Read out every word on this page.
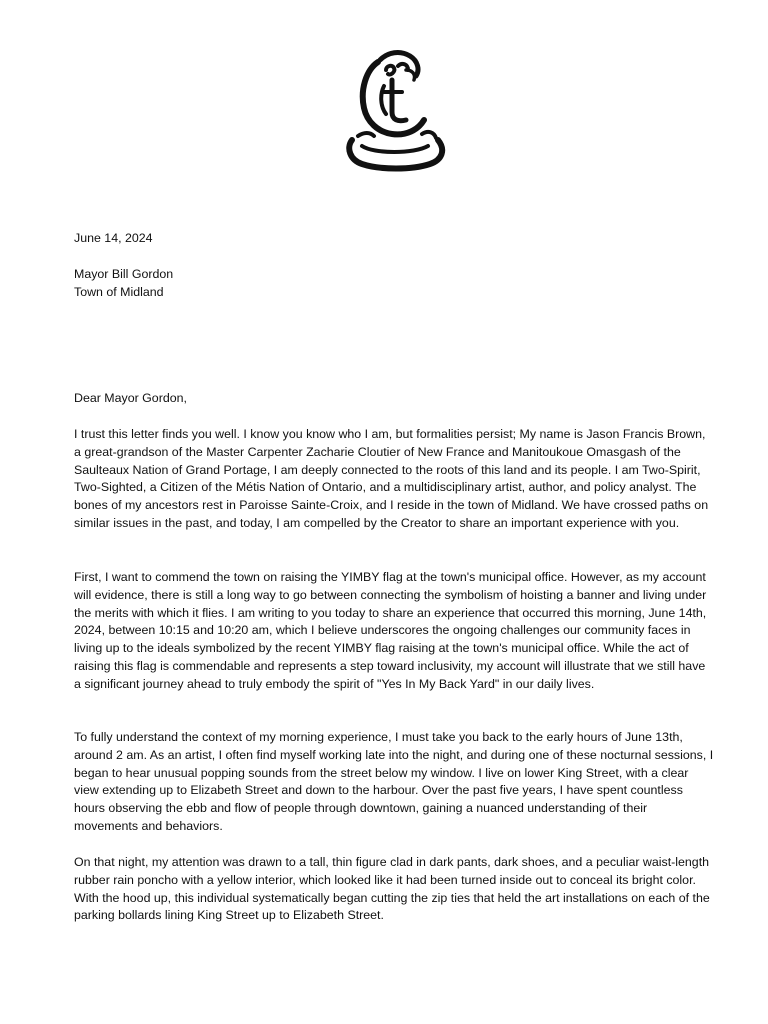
June 14, 2024

Mayor Bill Gordon

Town of Midland

Dear Mayor Gordon,

I trust this letter finds you well. I know you know who I am, but formalities persist; My name is Jason Francis Brown, a great-grandson of the Master Carpenter Zacharie Cloutier of New France and Manitoukoue Omasgash of the Saulteaux Nation of Grand Portage, I am deeply connected to the roots of this land and its people. I am Two-Spirit, Two-Sighted, a Citizen of the Métis Nation of Ontario, and a multidisciplinary artist, author, and policy analyst. The bones of my ancestors rest in Paroisse Sainte-Croix, and I reside in the town of Midland. We have crossed paths on similar issues in the past, and today, I am compelled by the Creator to share an important experience with you.

First, I want to commend the town on raising the YIMBY flag at the town's municipal office. However, as my account will evidence, there is still a long way to go between connecting the symbolism of hoisting a banner and living under the merits with which it flies. I am writing to you today to share an experience that occurred this morning, June 14th, 2024, between 10:15 and 10:20 am, which I believe underscores the ongoing challenges our community faces in living up to the ideals symbolized by the recent YIMBY flag raising at the town's municipal office. While the act of raising this flag is commendable and represents a step toward inclusivity, my account will illustrate that we still have a significant journey ahead to truly embody the spirit of "Yes In My Back Yard" in our daily lives.

To fully understand the context of my morning experience, I must take you back to the early hours of June 13th, around 2 am. As an artist, I often find myself working late into the night, and during one of these nocturnal sessions, I began to hear unusual popping sounds from the street below my window. I live on lower King Street, with a clear view extending up to Elizabeth Street and down to the harbour. Over the past five years, I have spent countless hours observing the ebb and flow of people through downtown, gaining a nuanced understanding of their movements and behaviors.

On that night, my attention was drawn to a tall, thin figure clad in dark pants, dark shoes, and a peculiar waist-length rubber rain poncho with a yellow interior, which looked like it had been turned inside out to conceal its bright color. With the hood up, this individual systematically began cutting the zip ties that held the art installations on each of the parking bollards lining King Street up to Elizabeth Street.
